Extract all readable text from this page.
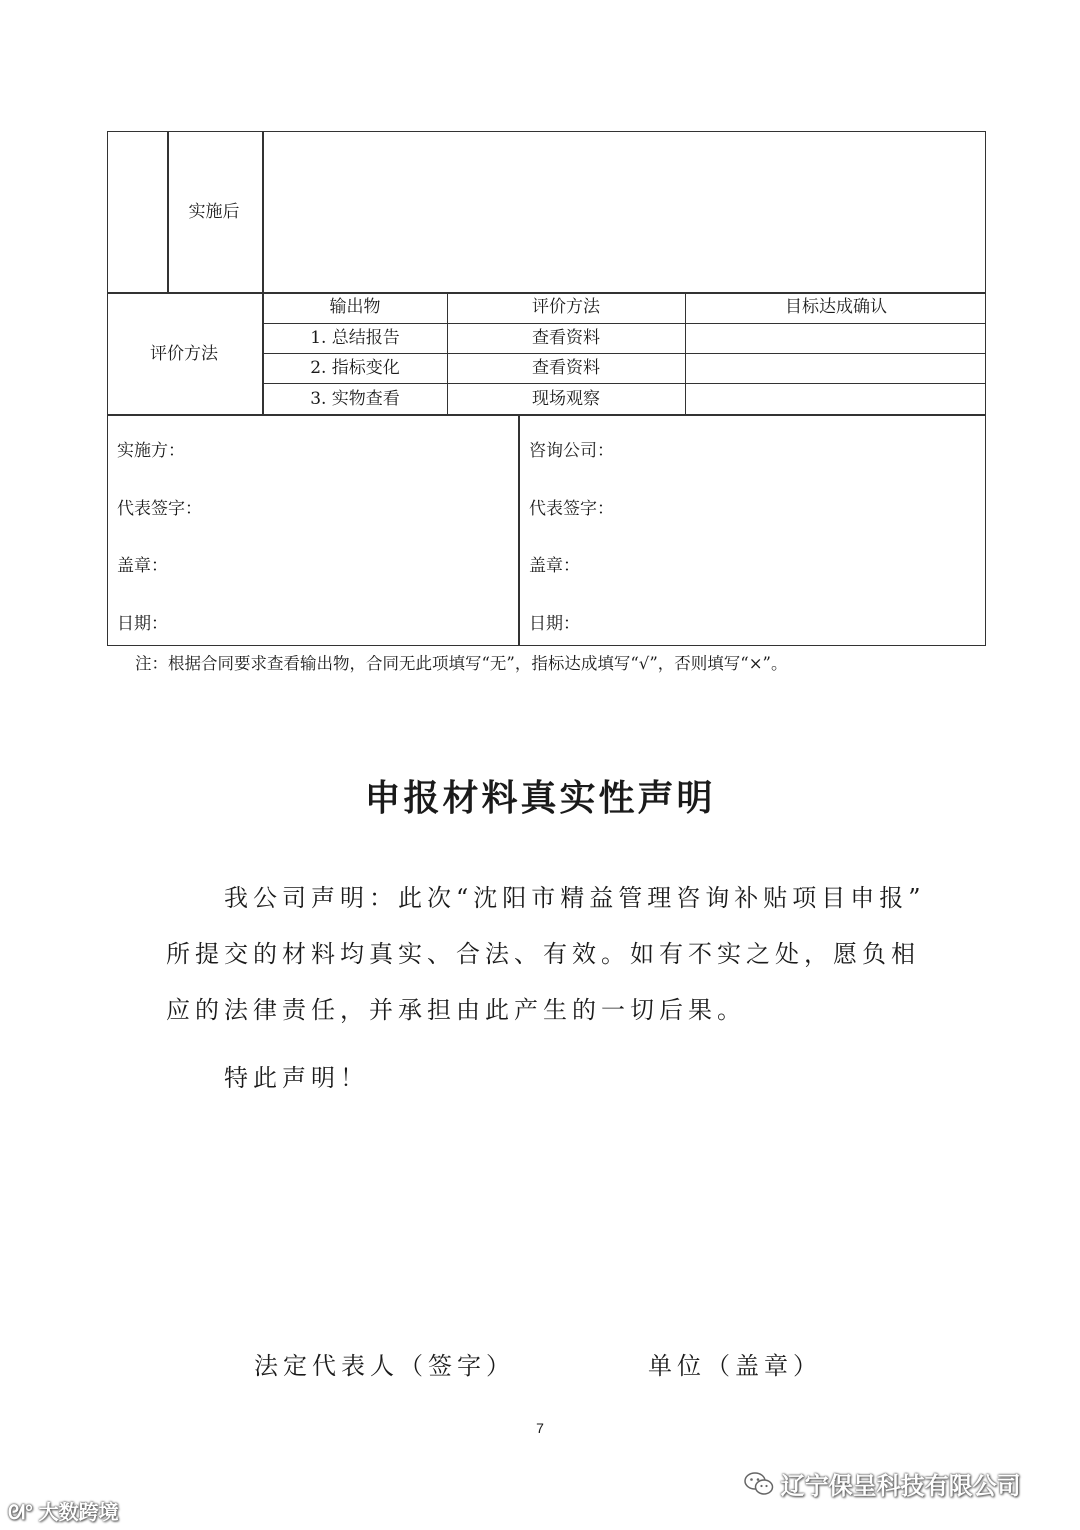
实施后
评价方法
输出物	评价方法	目标达成确认
1. 总结报告	查看资料
2. 指标变化	查看资料
3. 实物查看	现场观察
实施方：
代表签字：
盖章：
日期：
咨询公司：
代表签字：
盖章：
日期：
注：根据合同要求查看输出物，合同无此项填写“无”，指标达成填写“√”，否则填写“×”。
申报材料真实性声明
我公司声明：此次“沈阳市精益管理咨询补贴项目申报”
所提交的材料均真实、合法、有效。如有不实之处，愿负相
应的法律责任，并承担由此产生的一切后果。
特此声明！
法定代表人（签字）	单位（盖章）
7
ᘛ° 大数跨境
辽宁保呈科技有限公司
